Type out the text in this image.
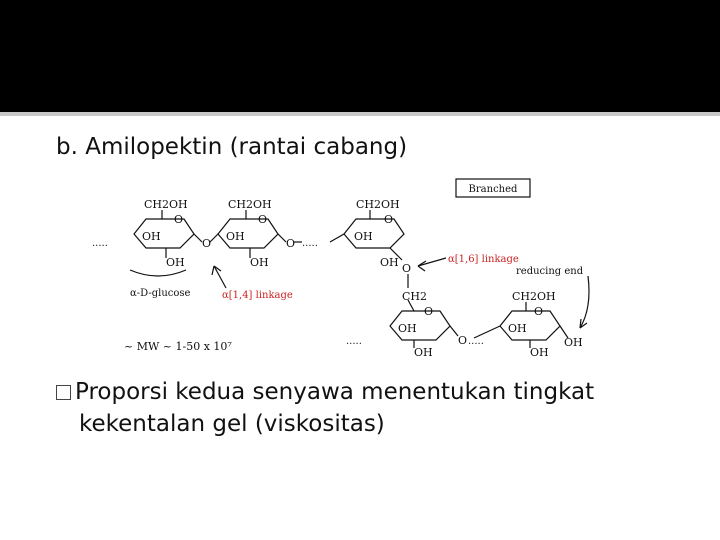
b. Amilopektin (rantai cabang)
Branched
CH2OH
O
OH
OH
O
CH2OH
O
OH
OH
O .....
CH2OH
O
OH
OH O
.....
CH2
O
OH
OH
O .....
.....
CH2OH
O
OH
OH
OH
α-D-glucose	α[1,4] linkage
α[1,6] linkage
reducing end
~ MW ~ 1-50 x 10⁷
Proporsi kedua senyawa menentukan tingkat
kekentalan gel (viskositas)
